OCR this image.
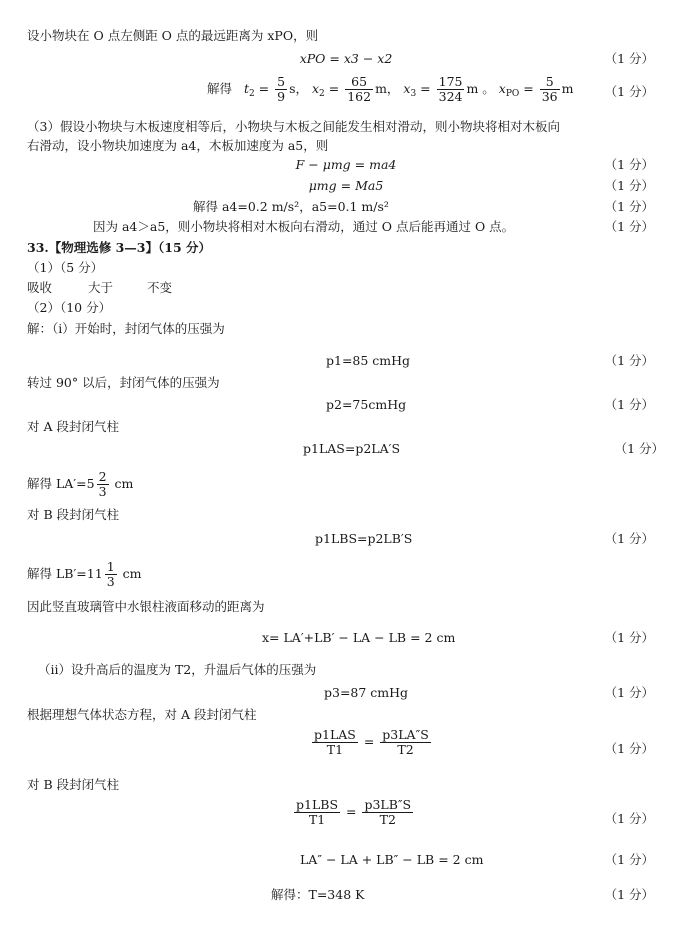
设小物块在 O 点左侧距 O 点的最远距离为 xPO，则
xPO = x3 − x2	（1 分）
解得 $t_2 = \frac{5}{9}$ s， $x_2 = \frac{65}{162}$ m， $x_3 = \frac{175}{324}$ m 。 $x_{PO} = \frac{5}{36}$ m （1 分）
（3）假设小物块与木板速度相等后，小物块与木板之间能发生相对滑动，则小物块将相对木板向
右滑动，设小物块加速度为 a4，木板加速度为 a5，则
F − μmg = ma4	（1 分）
μmg = Ma5	（1 分）
解得 a4=0.2 m/s²，a5=0.1 m/s²	（1 分）
因为 a4＞a5，则小物块将相对木板向右滑动，通过 O 点后能再通过 O 点。	（1 分）
33.【物理选修 3—3】（15 分）
（1）（5 分）
吸收	大于	不变
（2）（10 分）
解：（ⅰ）开始时，封闭气体的压强为
p1=85 cmHg	（1 分）
转过 90° 以后，封闭气体的压强为
p2=75cmHg	（1 分）
对 A 段封闭气柱
p1LAS=p2LA′S	（1 分）
解得 $LA'=5 \frac{2}{3}$ cm
对 B 段封闭气柱
p1LBS=p2LB′S	（1 分）
解得 $LB'=11 \frac{1}{3}$ cm
因此竖直玻璃管中水银柱液面移动的距离为
x= LA′+LB′ − LA − LB = 2 cm	（1 分）
（ⅱ）设升高后的温度为 T2，升温后气体的压强为
p3=87 cmHg	（1 分）
根据理想气体状态方程，对 A 段封闭气柱
p1LAS
T1
= $\frac{p3LA''S}{T2}$	（1 分）
对 B 段封闭气柱
p1LBS
T1
= $\frac{p3LB''S}{T2}$	（1 分）
LA″ − LA + LB″ − LB = 2 cm	（1 分）
解得：T=348 K	（1 分）
